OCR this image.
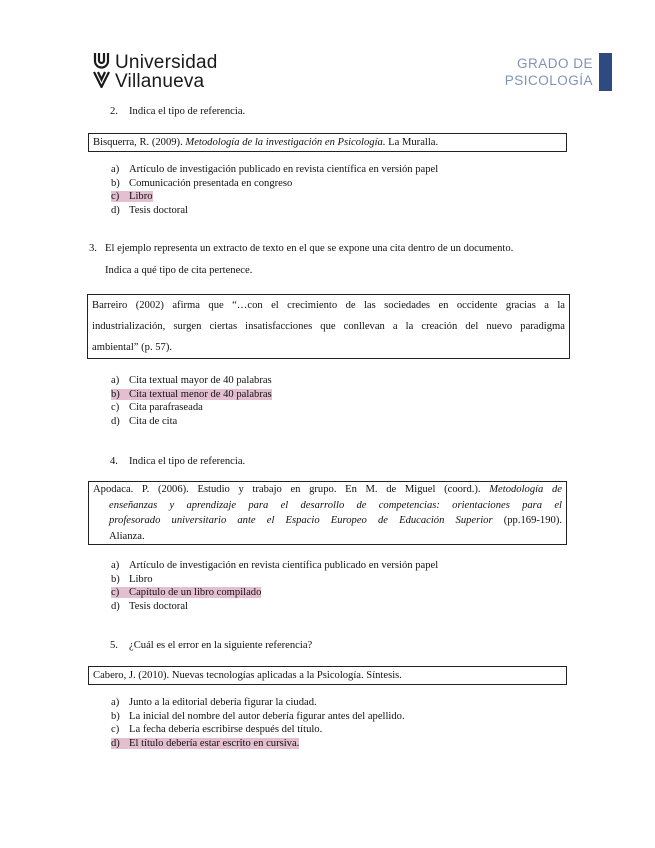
Universidad
Villanueva
GRADO DE
PSICOLOGÍA
2. Indica el tipo de referencia.
Bisquerra, R. (2009). Metodología de la investigación en Psicología. La Muralla.
a) Artículo de investigación publicado en revista científica en versión papel
b) Comunicación presentada en congreso
c) Libro
d) Tesis doctoral
3. El ejemplo representa un extracto de texto en el que se expone una cita dentro de un documento.
Indica a qué tipo de cita pertenece.
Barreiro (2002) afirma que “…con el crecimiento de las sociedades en occidente gracias a la
industrialización, surgen ciertas insatisfacciones que conllevan a la creación del nuevo paradigma
ambiental” (p. 57).
a) Cita textual mayor de 40 palabras
b) Cita textual menor de 40 palabras
c) Cita parafraseada
d) Cita de cita
4. Indica el tipo de referencia.
Apodaca. P. (2006). Estudio y trabajo en grupo. En M. de Miguel (coord.). Metodología de
enseñanzas y aprendizaje para el desarrollo de competencias: orientaciones para el
profesorado universitario ante el Espacio Europeo de Educación Superior (pp.169-190).
Alianza.
a) Artículo de investigación en revista científica publicado en versión papel
b) Libro
c) Capítulo de un libro compilado
d) Tesis doctoral
5. ¿Cuál es el error en la siguiente referencia?
Cabero, J. (2010). Nuevas tecnologías aplicadas a la Psicología. Síntesis.
a) Junto a la editorial debería figurar la ciudad.
b) La inicial del nombre del autor debería figurar antes del apellido.
c) La fecha debería escribirse después del título.
d) El título debería estar escrito en cursiva.
